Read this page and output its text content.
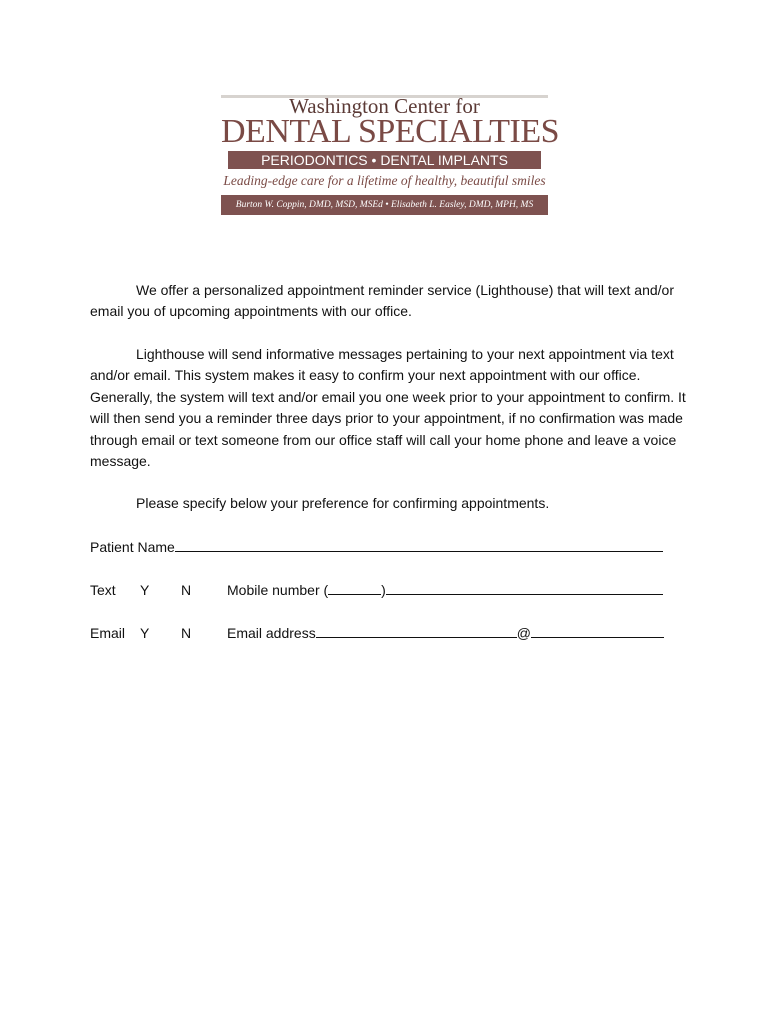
Washington Center for
DENTAL SPECIALTIES
PERIODONTICS • DENTAL IMPLANTS
Leading-edge care for a lifetime of healthy, beautiful smiles
Burton W. Coppin, DMD, MSD, MSEd • Elisabeth L. Easley, DMD, MPH, MS

We offer a personalized appointment reminder service (Lighthouse) that will text and/or email you of upcoming appointments with our office.

Lighthouse will send informative messages pertaining to your next appointment via text and/or email. This system makes it easy to confirm your next appointment with our office. Generally, the system will text and/or email you one week prior to your appointment to confirm. It will then send you a reminder three days prior to your appointment, if no confirmation was made through email or text someone from our office staff will call your home phone and leave a voice message.

Please specify below your preference for confirming appointments.

Patient Name
Text Y N	Mobile number (	)
Email Y N	Email address	@
